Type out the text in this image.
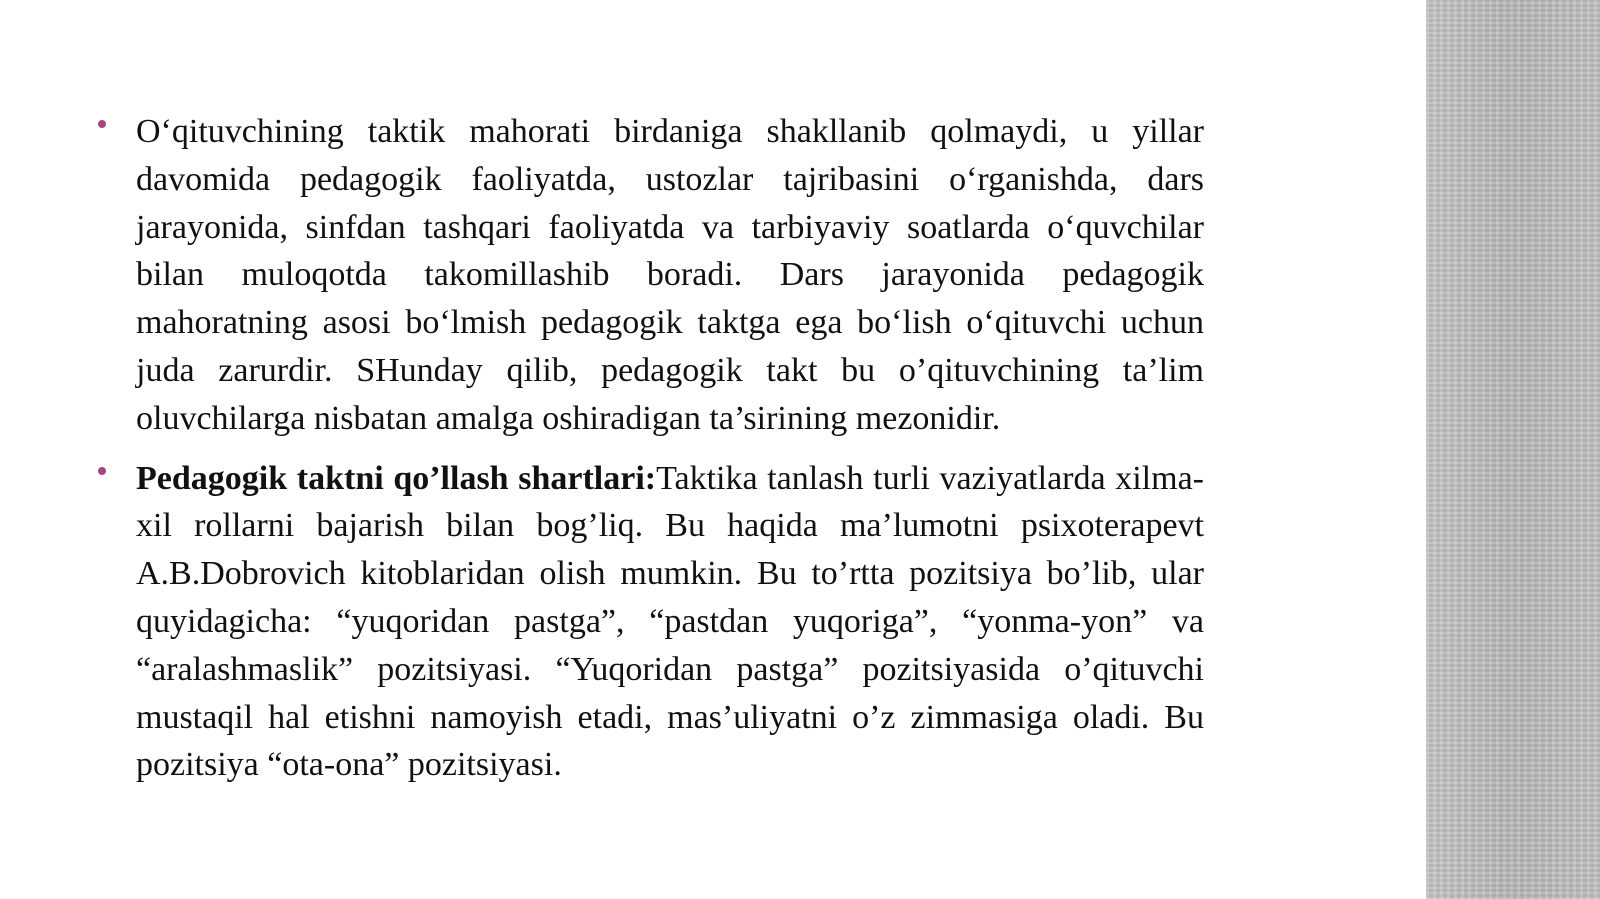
O‘qituvchining taktik mahorati birdaniga shakllanib qolmaydi, u yillar davomida pedagogik faoliyatda, ustozlar tajribasini o‘rganishda, dars jarayonida, sinfdan tashqari faoliyatda va tarbiyaviy soatlarda o‘quvchilar bilan muloqotda takomillashib boradi. Dars jarayonida pedagogik mahoratning asosi bo‘lmish pedagogik taktga ega bo‘lish o‘qituvchi uchun juda zarurdir. SHunday qilib, pedagogik takt bu o’qituvchining ta’lim oluvchilarga nisbatan amalga oshiradigan ta’sirining mezonidir.

Pedagogik taktni qo’llash shartlari:Taktika tanlash turli vaziyatlarda xilma-xil rollarni bajarish bilan bog’liq. Bu haqida ma’lumotni psixoterapevt A.B.Dobrovich kitoblaridan olish mumkin. Bu to’rtta pozitsiya bo’lib, ular quyidagicha: “yuqoridan pastga”, “pastdan yuqoriga”, “yonma-yon” va “aralashmaslik” pozitsiyasi. “Yuqoridan pastga” pozitsiyasida o’qituvchi mustaqil hal etishni namoyish etadi, mas’uliyatni o’z zimmasiga oladi. Bu pozitsiya “ota-ona” pozitsiyasi.
